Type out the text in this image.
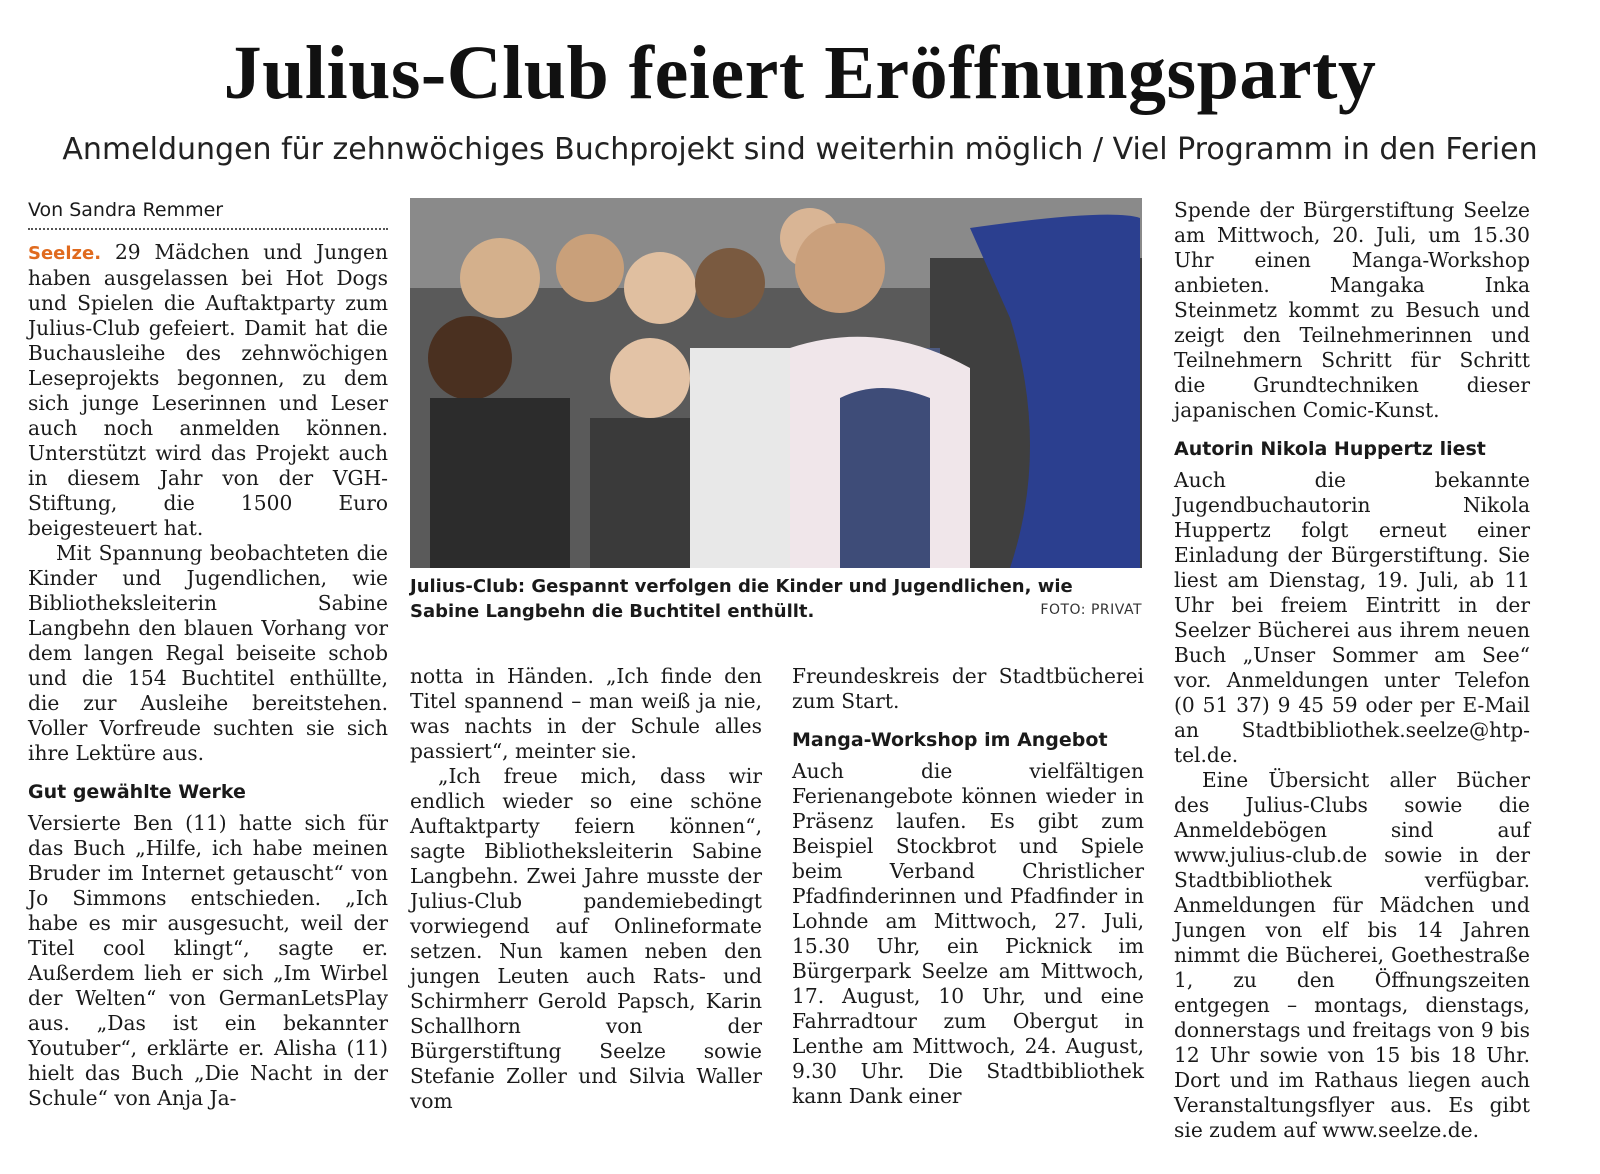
Julius-Club feiert Eröffnungsparty
Anmeldungen für zehnwöchiges Buchprojekt sind weiterhin möglich / Viel Programm in den Ferien
Von Sandra Remmer

Seelze. 29 Mädchen und Jungen haben ausgelassen bei Hot Dogs und Spielen die Auftaktparty zum Julius-Club gefeiert. Damit hat die Buchausleihe des zehnwöchigen Leseprojekts begonnen, zu dem sich junge Leserinnen und Leser auch noch anmelden können. Unterstützt wird das Projekt auch in diesem Jahr von der VGH-Stiftung, die 1500 Euro beigesteuert hat.

Mit Spannung beobachteten die Kinder und Jugendlichen, wie Bibliotheksleiterin Sabine Langbehn den blauen Vorhang vor dem langen Regal beiseite schob und die 154 Buchtitel enthüllte, die zur Ausleihe bereitstehen. Voller Vorfreude suchten sie sich ihre Lektüre aus.

Gut gewählte Werke

Versierte Ben (11) hatte sich für das Buch „Hilfe, ich habe meinen Bruder im Internet getauscht“ von Jo Simmons entschieden. „Ich habe es mir ausgesucht, weil der Titel cool klingt“, sagte er. Außerdem lieh er sich „Im Wirbel der Welten“ von GermanLetsPlay aus. „Das ist ein bekannter Youtuber“, erklärte er. Alisha (11) hielt das Buch „Die Nacht in der Schule“ von Anja Ja-

Julius-Club: Gespannt verfolgen die Kinder und Jugendlichen, wie Sabine Langbehn die Buchtitel enthüllt.	FOTO: PRIVAT

notta in Händen. „Ich finde den Titel spannend – man weiß ja nie, was nachts in der Schule alles passiert“, meinter sie.

„Ich freue mich, dass wir endlich wieder so eine schöne Auftaktparty feiern können“, sagte Bibliotheksleiterin Sabine Langbehn. Zwei Jahre musste der Julius-Club pandemiebedingt vorwiegend auf Onlineformate setzen. Nun kamen neben den jungen Leuten auch Rats- und Schirmherr Gerold Papsch, Karin Schallhorn von der Bürgerstiftung Seelze sowie Stefanie Zoller und Silvia Waller vom

Freundeskreis der Stadtbücherei zum Start.

Manga-Workshop im Angebot

Auch die vielfältigen Ferienangebote können wieder in Präsenz laufen. Es gibt zum Beispiel Stockbrot und Spiele beim Verband Christlicher Pfadfinderinnen und Pfadfinder in Lohnde am Mittwoch, 27. Juli, 15.30 Uhr, ein Picknick im Bürgerpark Seelze am Mittwoch, 17. August, 10 Uhr, und eine Fahrradtour zum Obergut in Lenthe am Mittwoch, 24. August, 9.30 Uhr. Die Stadtbibliothek kann Dank einer

Spende der Bürgerstiftung Seelze am Mittwoch, 20. Juli, um 15.30 Uhr einen Manga-Workshop anbieten. Mangaka Inka Steinmetz kommt zu Besuch und zeigt den Teilnehmerinnen und Teilnehmern Schritt für Schritt die Grundtechniken dieser japanischen Comic-Kunst.

Autorin Nikola Huppertz liest

Auch die bekannte Jugendbuchautorin Nikola Huppertz folgt erneut einer Einladung der Bürgerstiftung. Sie liest am Dienstag, 19. Juli, ab 11 Uhr bei freiem Eintritt in der Seelzer Bücherei aus ihrem neuen Buch „Unser Sommer am See“ vor. Anmeldungen unter Telefon (0 51 37) 9 45 59 oder per E-Mail an Stadtbibliothek.seelze@htp-tel.de.

Eine Übersicht aller Bücher des Julius-Clubs sowie die Anmeldebögen sind auf www.julius-club.de sowie in der Stadtbibliothek verfügbar. Anmeldungen für Mädchen und Jungen von elf bis 14 Jahren nimmt die Bücherei, Goethestraße 1, zu den Öffnungszeiten entgegen – montags, dienstags, donnerstags und freitags von 9 bis 12 Uhr sowie von 15 bis 18 Uhr. Dort und im Rathaus liegen auch Veranstaltungsflyer aus. Es gibt sie zudem auf www.seelze.de.
